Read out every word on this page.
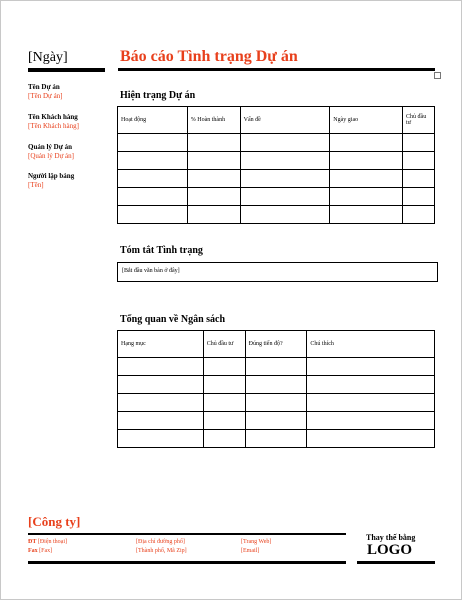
[Ngày]	Báo cáo Tình trạng Dự án
Tên Dự án
[Tên Dự án]
Tên Khách hàng
[Tên Khách hàng]
Quản lý Dự án
[Quản lý Dự án]
Người lập bảng
[Tên]
Hiện trạng Dự án
Hoạt động	% Hoàn thành	Vấn đề	Ngày giao	Chủ đầu tư

Tóm tắt Tình trạng
[Bắt đầu văn bản ở đây]
Tổng quan về Ngân sách
Hạng mục	Chủ đầu tư	Đúng tiến độ?	Chú thích

[Công ty]
ĐT [Điện thoại]
Fax [Fax]
[Địa chỉ đường phố]
[Thành phố, Mã Zip]
[Trang Web]
[Email]
Thay thế bằng
LOGO
